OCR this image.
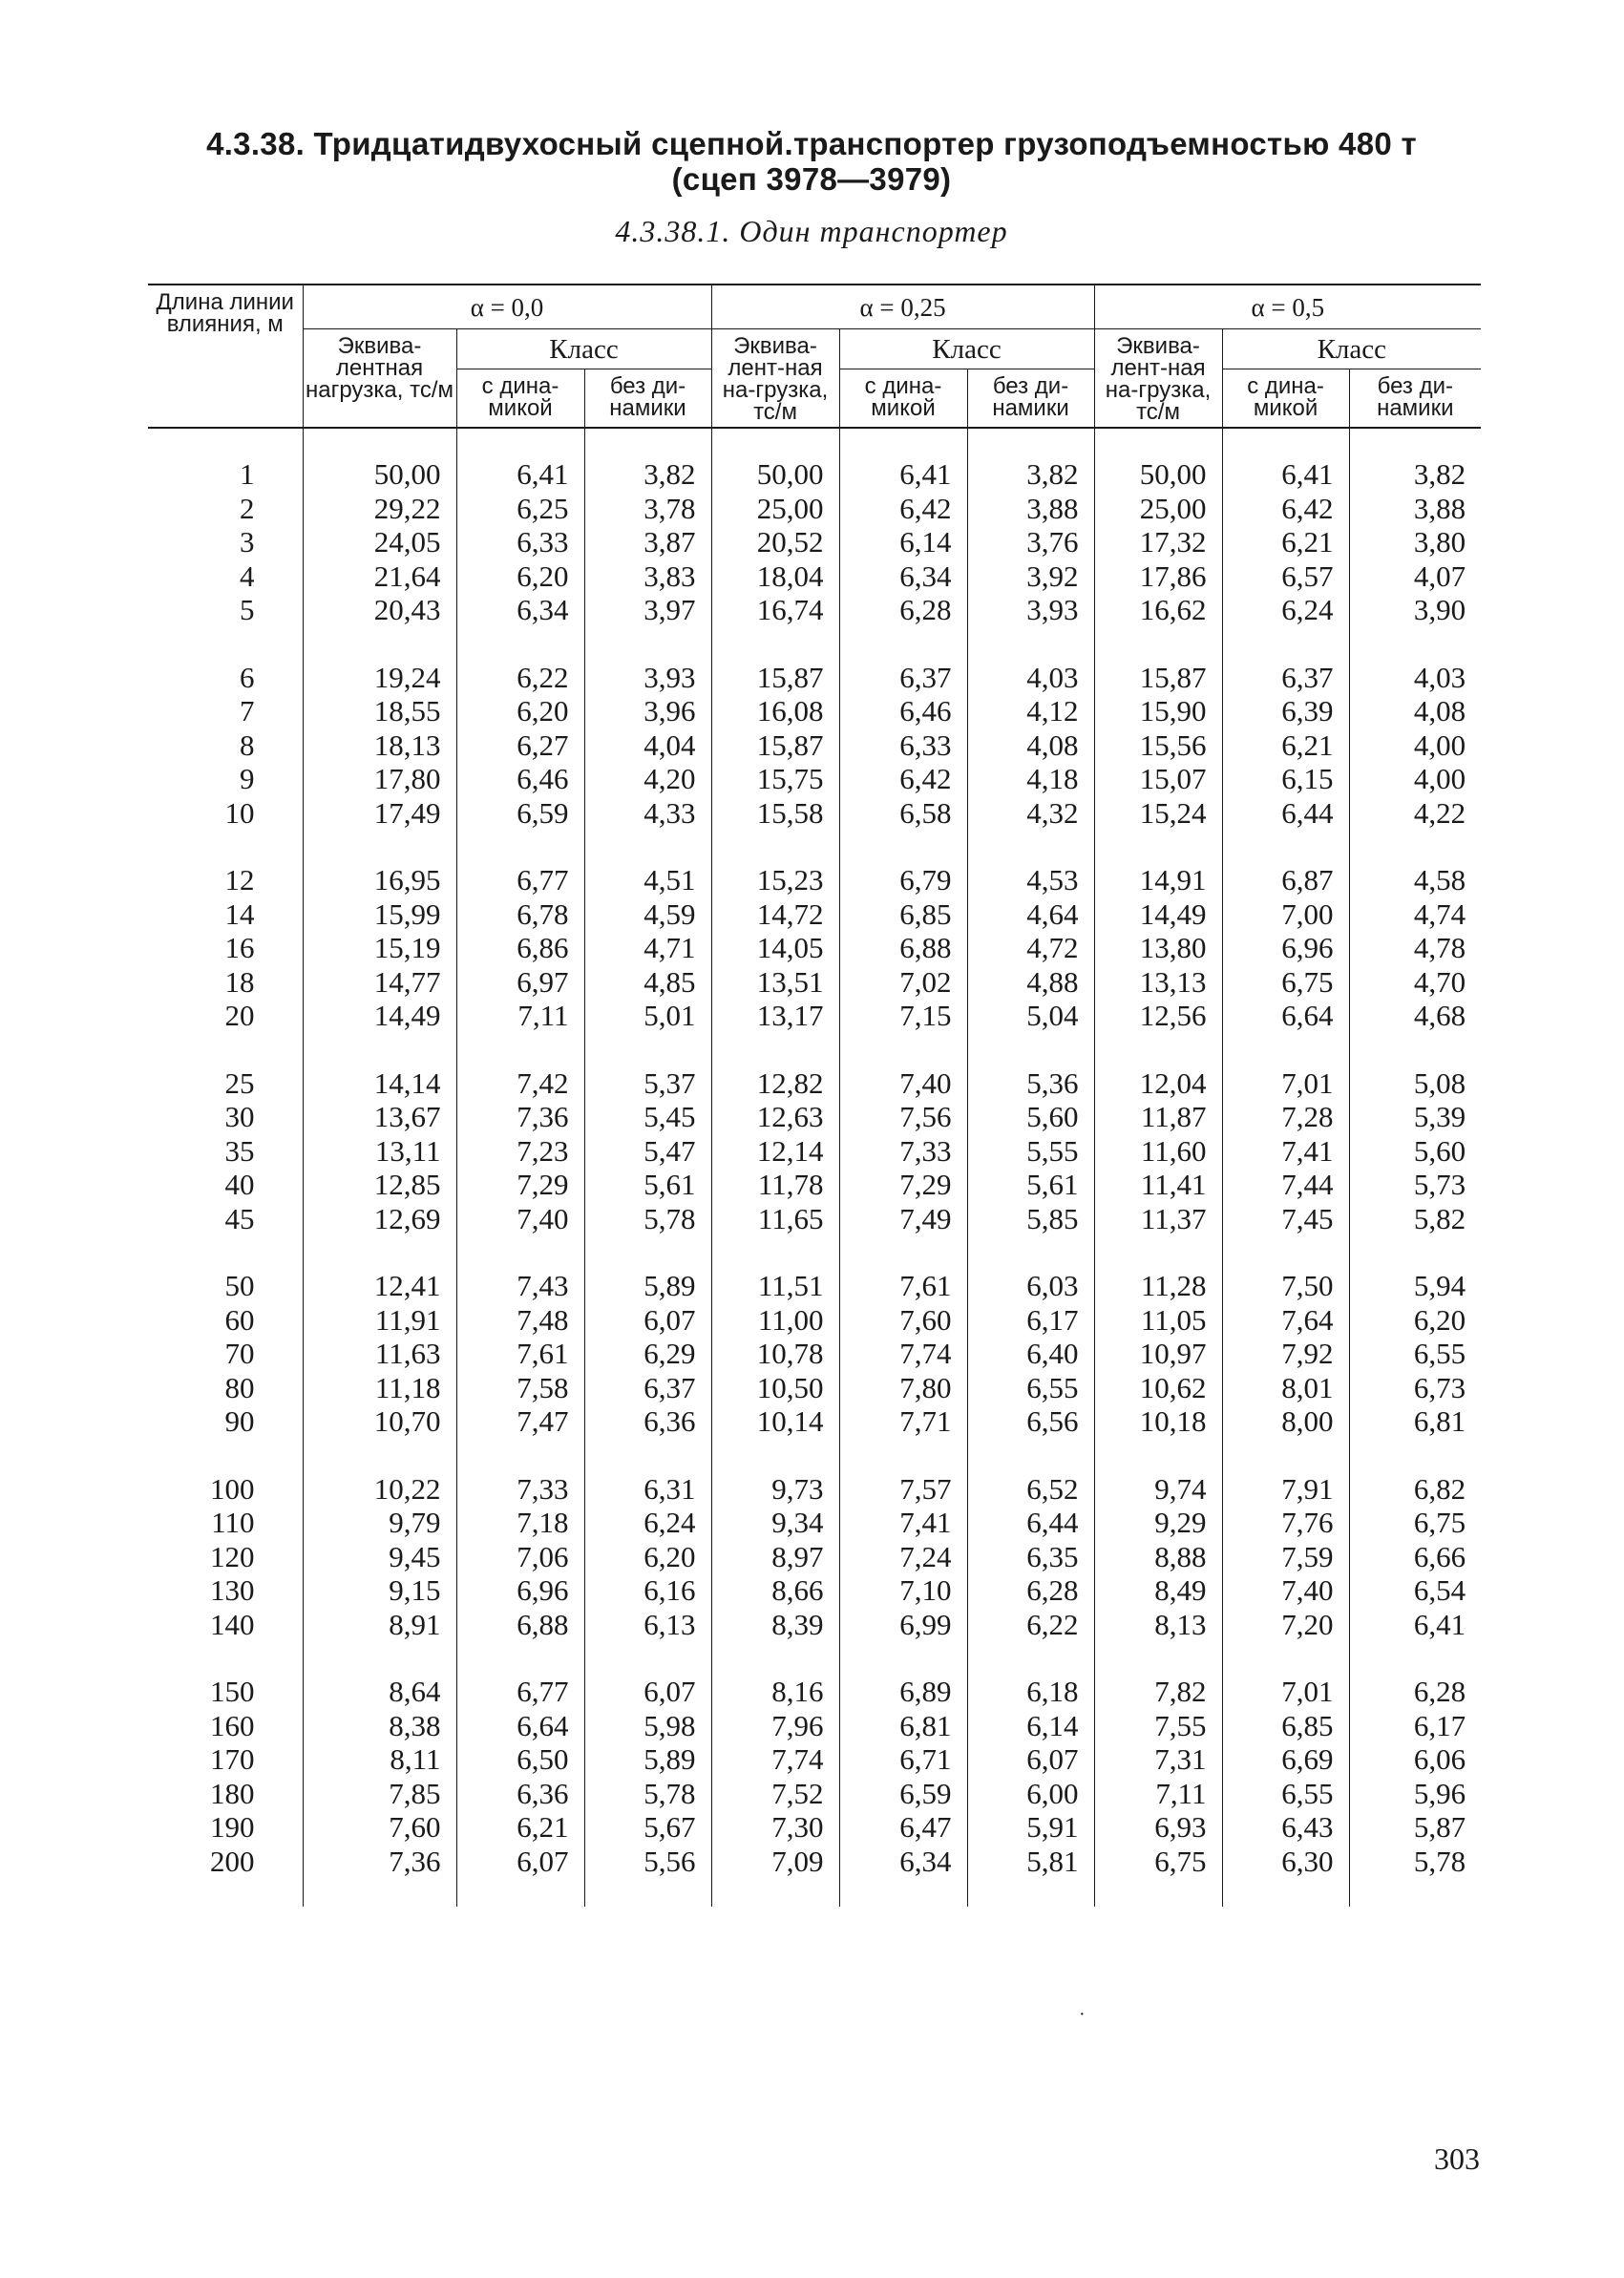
4.3.38. Тридцатидвухосный сцепной.транспортер грузоподъемностью 480 т
(сцеп 3978—3979)
4.3.38.1. Один транспортер
Длина линии влияния, м	α = 0,0			α = 0,25			α = 0,5		
	Эквива-лентная нагрузка, тс/м	Класс		Эквива-лент-ная на-грузка, тс/м	Класс		Эквива-лент-ная на-грузка, тс/м	Класс	
		с дина-микой	без ди-намики		с дина-микой	без ди-намики		с дина-микой	без ди-намики

1	50,00	6,41	3,82	50,00	6,41	3,82	50,00	6,41	3,82
2	29,22	6,25	3,78	25,00	6,42	3,88	25,00	6,42	3,88
3	24,05	6,33	3,87	20,52	6,14	3,76	17,32	6,21	3,80
4	21,64	6,20	3,83	18,04	6,34	3,92	17,86	6,57	4,07
5	20,43	6,34	3,97	16,74	6,28	3,93	16,62	6,24	3,90

6	19,24	6,22	3,93	15,87	6,37	4,03	15,87	6,37	4,03
7	18,55	6,20	3,96	16,08	6,46	4,12	15,90	6,39	4,08
8	18,13	6,27	4,04	15,87	6,33	4,08	15,56	6,21	4,00
9	17,80	6,46	4,20	15,75	6,42	4,18	15,07	6,15	4,00
10	17,49	6,59	4,33	15,58	6,58	4,32	15,24	6,44	4,22

12	16,95	6,77	4,51	15,23	6,79	4,53	14,91	6,87	4,58
14	15,99	6,78	4,59	14,72	6,85	4,64	14,49	7,00	4,74
16	15,19	6,86	4,71	14,05	6,88	4,72	13,80	6,96	4,78
18	14,77	6,97	4,85	13,51	7,02	4,88	13,13	6,75	4,70
20	14,49	7,11	5,01	13,17	7,15	5,04	12,56	6,64	4,68

25	14,14	7,42	5,37	12,82	7,40	5,36	12,04	7,01	5,08
30	13,67	7,36	5,45	12,63	7,56	5,60	11,87	7,28	5,39
35	13,11	7,23	5,47	12,14	7,33	5,55	11,60	7,41	5,60
40	12,85	7,29	5,61	11,78	7,29	5,61	11,41	7,44	5,73
45	12,69	7,40	5,78	11,65	7,49	5,85	11,37	7,45	5,82

50	12,41	7,43	5,89	11,51	7,61	6,03	11,28	7,50	5,94
60	11,91	7,48	6,07	11,00	7,60	6,17	11,05	7,64	6,20
70	11,63	7,61	6,29	10,78	7,74	6,40	10,97	7,92	6,55
80	11,18	7,58	6,37	10,50	7,80	6,55	10,62	8,01	6,73
90	10,70	7,47	6,36	10,14	7,71	6,56	10,18	8,00	6,81

100	10,22	7,33	6,31	9,73	7,57	6,52	9,74	7,91	6,82
110	9,79	7,18	6,24	9,34	7,41	6,44	9,29	7,76	6,75
120	9,45	7,06	6,20	8,97	7,24	6,35	8,88	7,59	6,66
130	9,15	6,96	6,16	8,66	7,10	6,28	8,49	7,40	6,54
140	8,91	6,88	6,13	8,39	6,99	6,22	8,13	7,20	6,41

150	8,64	6,77	6,07	8,16	6,89	6,18	7,82	7,01	6,28
160	8,38	6,64	5,98	7,96	6,81	6,14	7,55	6,85	6,17
170	8,11	6,50	5,89	7,74	6,71	6,07	7,31	6,69	6,06
180	7,85	6,36	5,78	7,52	6,59	6,00	7,11	6,55	5,96
190	7,60	6,21	5,67	7,30	6,47	5,91	6,93	6,43	5,87
200	7,36	6,07	5,56	7,09	6,34	5,81	6,75	6,30	5,78

·
303
